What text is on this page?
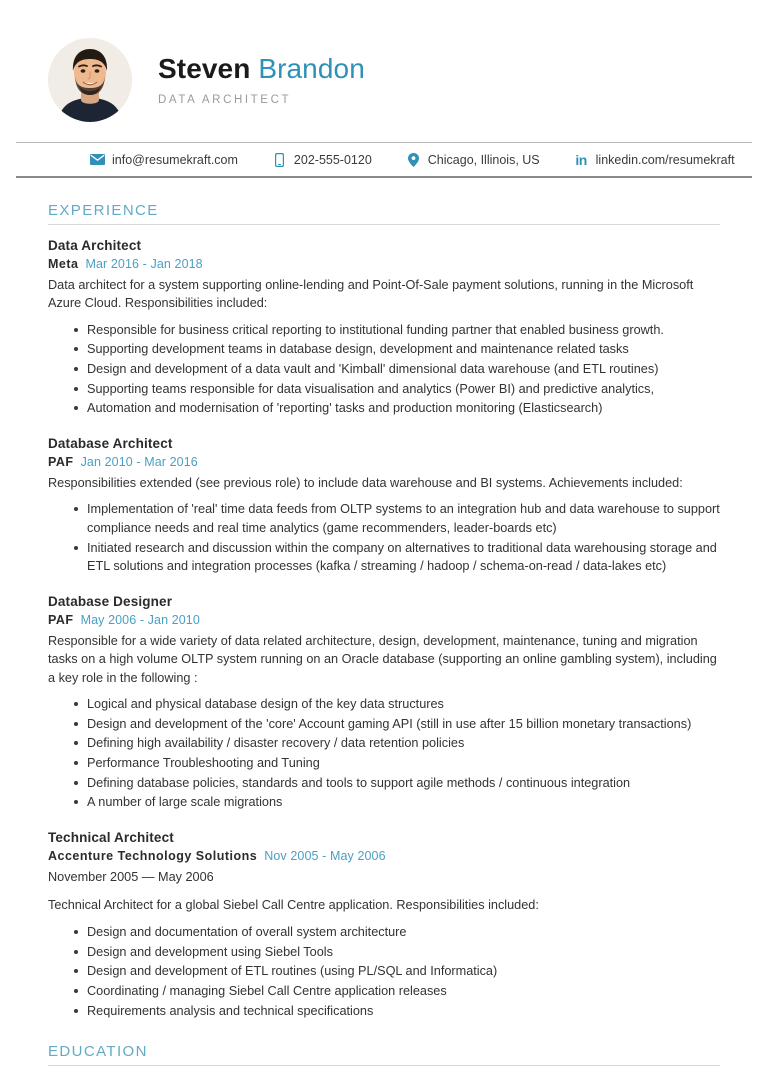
Steven Brandon
DATA ARCHITECT
info@resumekraft.com	202-555-0120	Chicago, Illinois, US	in linkedin.com/resumekraft
EXPERIENCE
Data Architect
Meta Mar 2016 - Jan 2018

Data architect for a system supporting online-lending and Point-Of-Sale payment solutions, running in the Microsoft Azure Cloud. Responsibilities included:

Responsible for business critical reporting to institutional funding partner that enabled business growth.
Supporting development teams in database design, development and maintenance related tasks
Design and development of a data vault and 'Kimball' dimensional data warehouse (and ETL routines)
Supporting teams responsible for data visualisation and analytics (Power BI) and predictive analytics,
Automation and modernisation of 'reporting' tasks and production monitoring (Elasticsearch)
Database Architect
PAF Jan 2010 - Mar 2016

Responsibilities extended (see previous role) to include data warehouse and BI systems. Achievements included:

Implementation of 'real' time data feeds from OLTP systems to an integration hub and data warehouse to support compliance needs and real time analytics (game recommenders, leader-boards etc)
Initiated research and discussion within the company on alternatives to traditional data warehousing storage and ETL solutions and integration processes (kafka / streaming / hadoop / schema-on-read / data-lakes etc)
Database Designer
PAF May 2006 - Jan 2010

Responsible for a wide variety of data related architecture, design, development, maintenance, tuning and migration tasks on a high volume OLTP system running on an Oracle database (supporting an online gambling system), including a key role in the following :

Logical and physical database design of the key data structures
Design and development of the 'core' Account gaming API (still in use after 15 billion monetary transactions)
Defining high availability / disaster recovery / data retention policies
Performance Troubleshooting and Tuning
Defining database policies, standards and tools to support agile methods / continuous integration
A number of large scale migrations
Technical Architect
Accenture Technology Solutions Nov 2005 - May 2006

November 2005 — May 2006

Technical Architect for a global Siebel Call Centre application. Responsibilities included:

Design and documentation of overall system architecture
Design and development using Siebel Tools
Design and development of ETL routines (using PL/SQL and Informatica)
Coordinating / managing Siebel Call Centre application releases
Requirements analysis and technical specifications
EDUCATION
